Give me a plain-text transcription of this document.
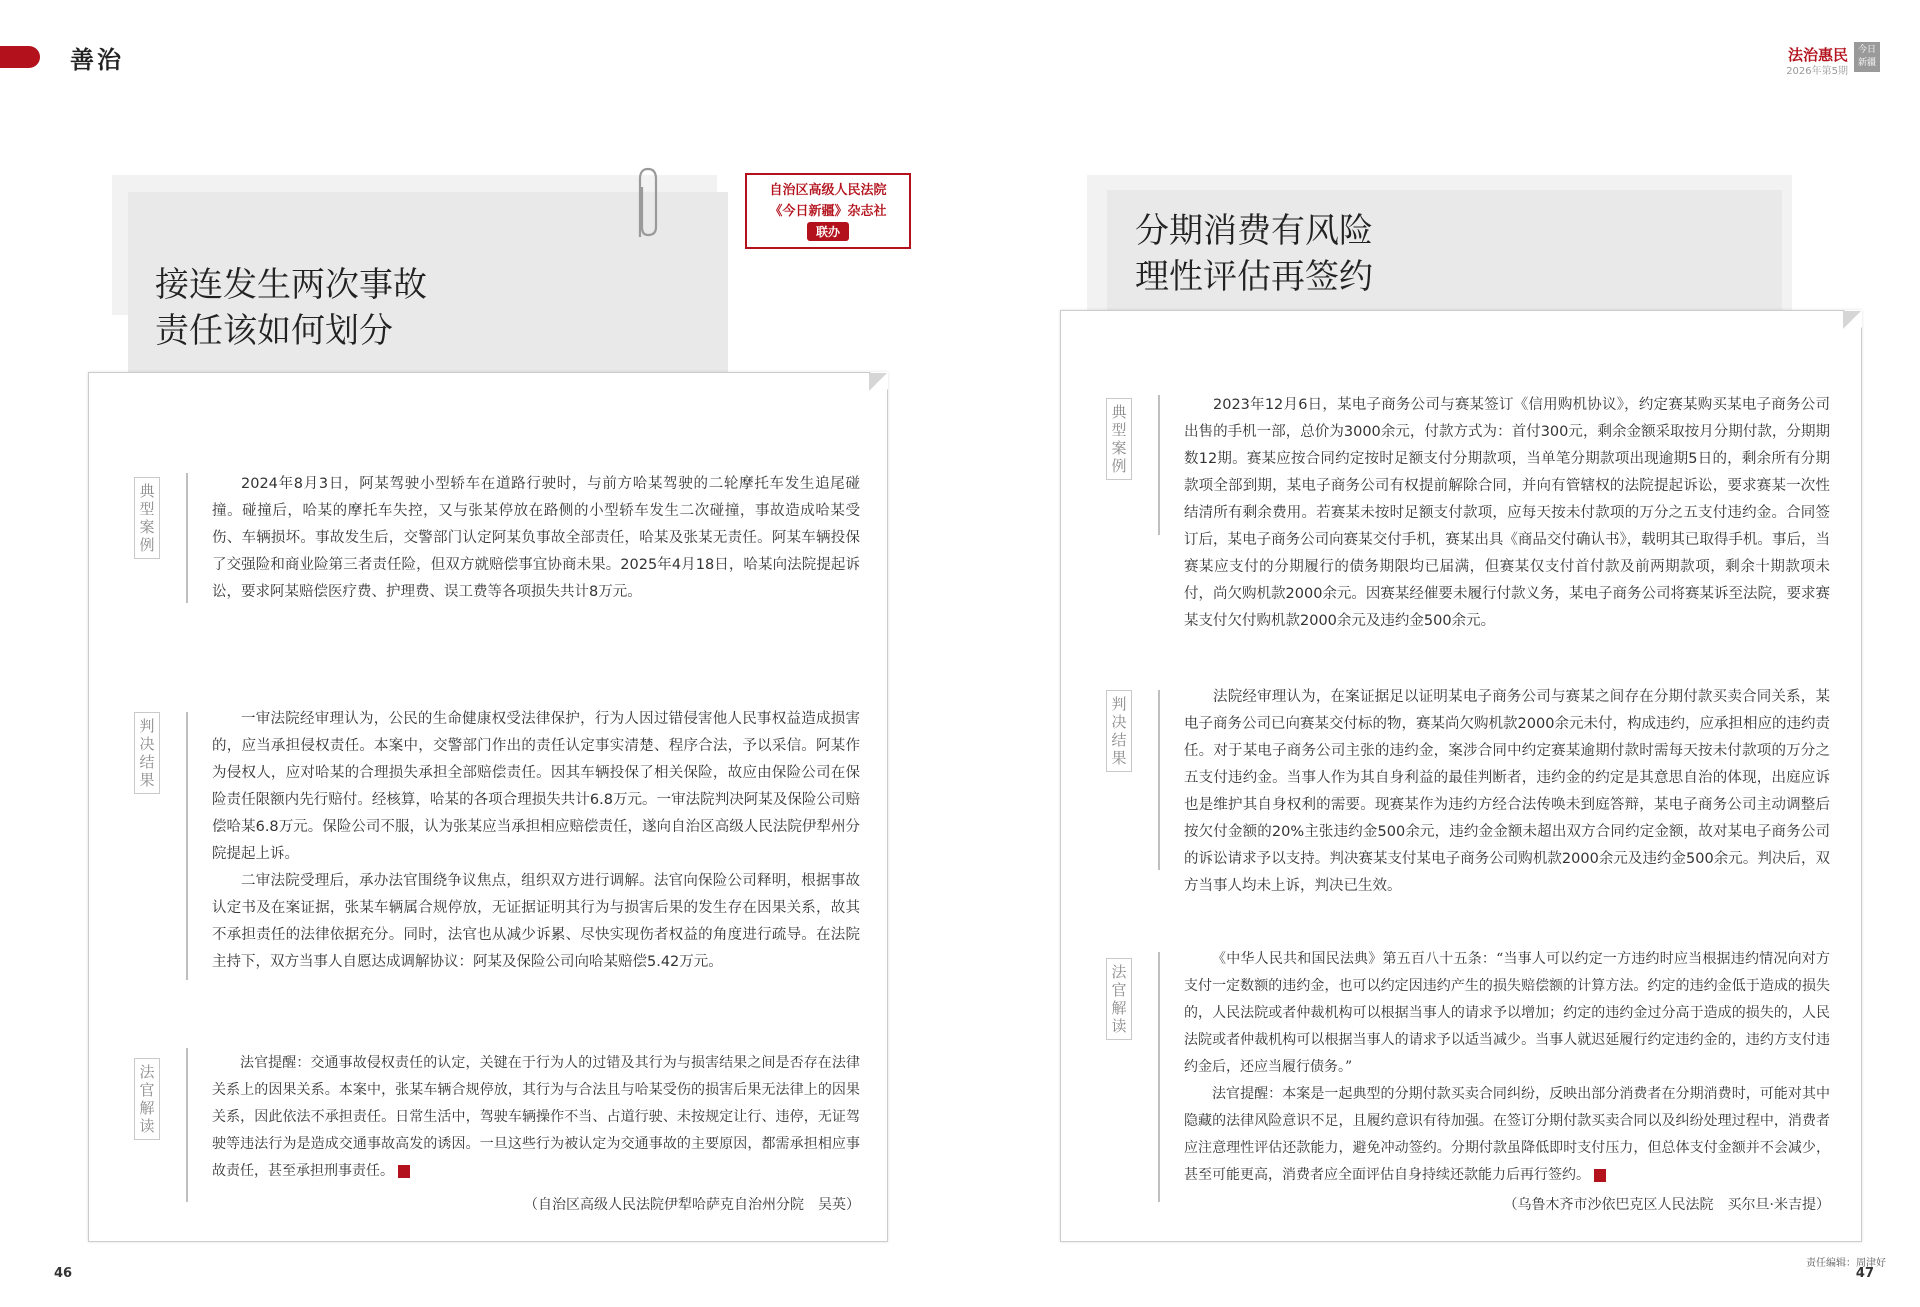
善治	法治惠民
2026年第5期
今日新疆
接连发生两次事故
责任该如何划分
自治区高级人民法院
《今日新疆》杂志社
联办
典
型
案
例

2024年8月3日，阿某驾驶小型轿车在道路行驶时，与前方哈某驾驶的二轮摩托车发生追尾碰撞。碰撞后，哈某的摩托车失控，又与张某停放在路侧的小型轿车发生二次碰撞，事故造成哈某受伤、车辆损坏。事故发生后，交警部门认定阿某负事故全部责任，哈某及张某无责任。阿某车辆投保了交强险和商业险第三者责任险，但双方就赔偿事宜协商未果。2025年4月18日，哈某向法院提起诉讼，要求阿某赔偿医疗费、护理费、误工费等各项损失共计8万元。

判
决
结
果

一审法院经审理认为，公民的生命健康权受法律保护，行为人因过错侵害他人民事权益造成损害的，应当承担侵权责任。本案中，交警部门作出的责任认定事实清楚、程序合法，予以采信。阿某作为侵权人，应对哈某的合理损失承担全部赔偿责任。因其车辆投保了相关保险，故应由保险公司在保险责任限额内先行赔付。经核算，哈某的各项合理损失共计6.8万元。一审法院判决阿某及保险公司赔偿哈某6.8万元。保险公司不服，认为张某应当承担相应赔偿责任，遂向自治区高级人民法院伊犁州分院提起上诉。

二审法院受理后，承办法官围绕争议焦点，组织双方进行调解。法官向保险公司释明，根据事故认定书及在案证据，张某车辆属合规停放，无证据证明其行为与损害后果的发生存在因果关系，故其不承担责任的法律依据充分。同时，法官也从减少诉累、尽快实现伤者权益的角度进行疏导。在法院主持下，双方当事人自愿达成调解协议：阿某及保险公司向哈某赔偿5.42万元。

法
官
解
读

法官提醒：交通事故侵权责任的认定，关键在于行为人的过错及其行为与损害结果之间是否存在法律关系上的因果关系。本案中，张某车辆合规停放，其行为与合法且与哈某受伤的损害后果无法律上的因果关系，因此依法不承担责任。日常生活中，驾驶车辆操作不当、占道行驶、未按规定让行、违停，无证驾驶等违法行为是造成交通事故高发的诱因。一旦这些行为被认定为交通事故的主要原因，都需承担相应事故责任，甚至承担刑事责任。

（自治区高级人民法院伊犁哈萨克自治州分院　吴英）
分期消费有风险
理性评估再签约
典
型
案
例

2023年12月6日，某电子商务公司与赛某签订《信用购机协议》，约定赛某购买某电子商务公司出售的手机一部，总价为3000余元，付款方式为：首付300元，剩余金额采取按月分期付款，分期期数12期。赛某应按合同约定按时足额支付分期款项，当单笔分期款项出现逾期5日的，剩余所有分期款项全部到期，某电子商务公司有权提前解除合同，并向有管辖权的法院提起诉讼，要求赛某一次性结清所有剩余费用。若赛某未按时足额支付款项，应每天按未付款项的万分之五支付违约金。合同签订后，某电子商务公司向赛某交付手机，赛某出具《商品交付确认书》，载明其已取得手机。事后，当赛某应支付的分期履行的债务期限均已届满，但赛某仅支付首付款及前两期款项，剩余十期款项未付，尚欠购机款2000余元。因赛某经催要未履行付款义务，某电子商务公司将赛某诉至法院，要求赛某支付欠付购机款2000余元及违约金500余元。

判
决
结
果

法院经审理认为，在案证据足以证明某电子商务公司与赛某之间存在分期付款买卖合同关系，某电子商务公司已向赛某交付标的物，赛某尚欠购机款2000余元未付，构成违约，应承担相应的违约责任。对于某电子商务公司主张的违约金，案涉合同中约定赛某逾期付款时需每天按未付款项的万分之五支付违约金。当事人作为其自身利益的最佳判断者，违约金的约定是其意思自治的体现，出庭应诉也是维护其自身权利的需要。现赛某作为违约方经合法传唤未到庭答辩，某电子商务公司主动调整后按欠付金额的20%主张违约金500余元，违约金金额未超出双方合同约定金额，故对某电子商务公司的诉讼请求予以支持。判决赛某支付某电子商务公司购机款2000余元及违约金500余元。判决后，双方当事人均未上诉，判决已生效。

法
官
解
读

《中华人民共和国民法典》第五百八十五条：“当事人可以约定一方违约时应当根据违约情况向对方支付一定数额的违约金，也可以约定因违约产生的损失赔偿额的计算方法。约定的违约金低于造成的损失的，人民法院或者仲裁机构可以根据当事人的请求予以增加；约定的违约金过分高于造成的损失的，人民法院或者仲裁机构可以根据当事人的请求予以适当减少。当事人就迟延履行约定违约金的，违约方支付违约金后，还应当履行债务。”

法官提醒：本案是一起典型的分期付款买卖合同纠纷，反映出部分消费者在分期消费时，可能对其中隐藏的法律风险意识不足，且履约意识有待加强。在签订分期付款买卖合同以及纠纷处理过程中，消费者应注意理性评估还款能力，避免冲动签约。分期付款虽降低即时支付压力，但总体支付金额并不会减少，甚至可能更高，消费者应全面评估自身持续还款能力后再行签约。

（乌鲁木齐市沙依巴克区人民法院　买尔旦·米吉提）
46
责任编辑：周津好
47
